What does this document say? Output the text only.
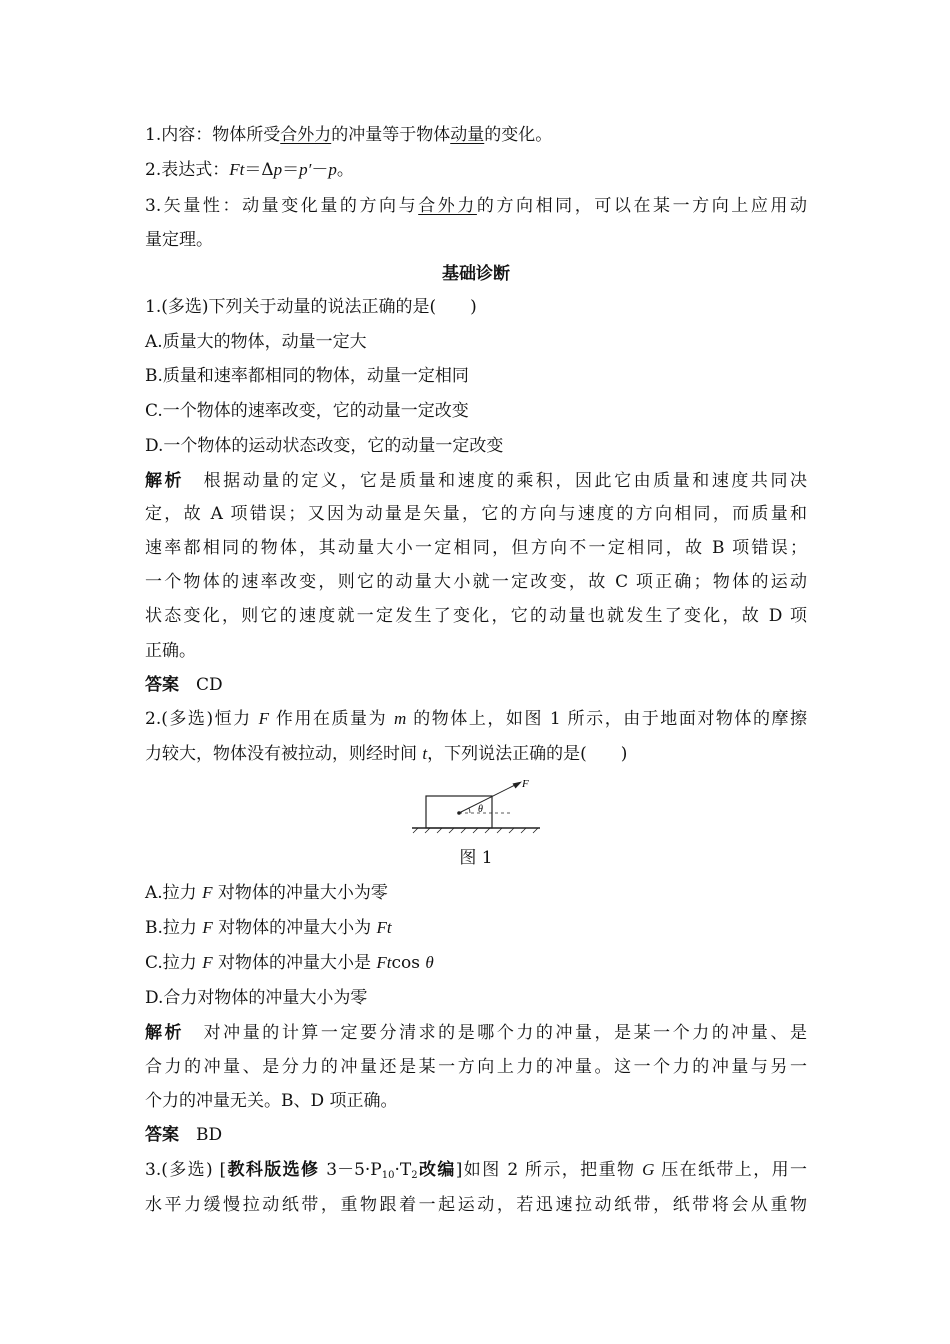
1.内容：物体所受合外力的冲量等于物体动量的变化。
2.表达式：Ft＝Δp＝p′－p。
3.矢量性：动量变化量的方向与合外力的方向相同，可以在某一方向上应用动
量定理。
基础诊断
1.(多选)下列关于动量的说法正确的是(　　)
A.质量大的物体，动量一定大
B.质量和速率都相同的物体，动量一定相同
C.一个物体的速率改变，它的动量一定改变
D.一个物体的运动状态改变，它的动量一定改变
解析　 根据动量的定义，它是质量和速度的乘积，因此它由质量和速度共同决
定，故 A 项错误；又因为动量是矢量，它的方向与速度的方向相同，而质量和
速率都相同的物体，其动量大小一定相同，但方向不一定相同，故 B 项错误；
一个物体的速率改变，则它的动量大小就一定改变，故 C 项正确；物体的运动
状态变化，则它的速度就一定发生了变化，它的动量也就发生了变化，故 D 项
正确。
答案　 CD
2.(多选)恒力 F 作用在质量为 m 的物体上，如图 1 所示，由于地面对物体的摩擦
力较大，物体没有被拉动，则经时间 t，下列说法正确的是(　　)
θ
F
图 1
A.拉力 F 对物体的冲量大小为零
B.拉力 F 对物体的冲量大小为 Ft
C.拉力 F 对物体的冲量大小是 Ftcos θ
D.合力对物体的冲量大小为零
解析　 对冲量的计算一定要分清求的是哪个力的冲量，是某一个力的冲量、是
合力的冲量、是分力的冲量还是某一方向上力的冲量。这一个力的冲量与另一
个力的冲量无关。B、D 项正确。
答案　 BD
3.(多选) [教科版选修 $3-5\cdot P_{10}\cdot T_2$改编]如图 2 所示，把重物 G 压在纸带上，用一
水平力缓慢拉动纸带，重物跟着一起运动，若迅速拉动纸带，纸带将会从重物
